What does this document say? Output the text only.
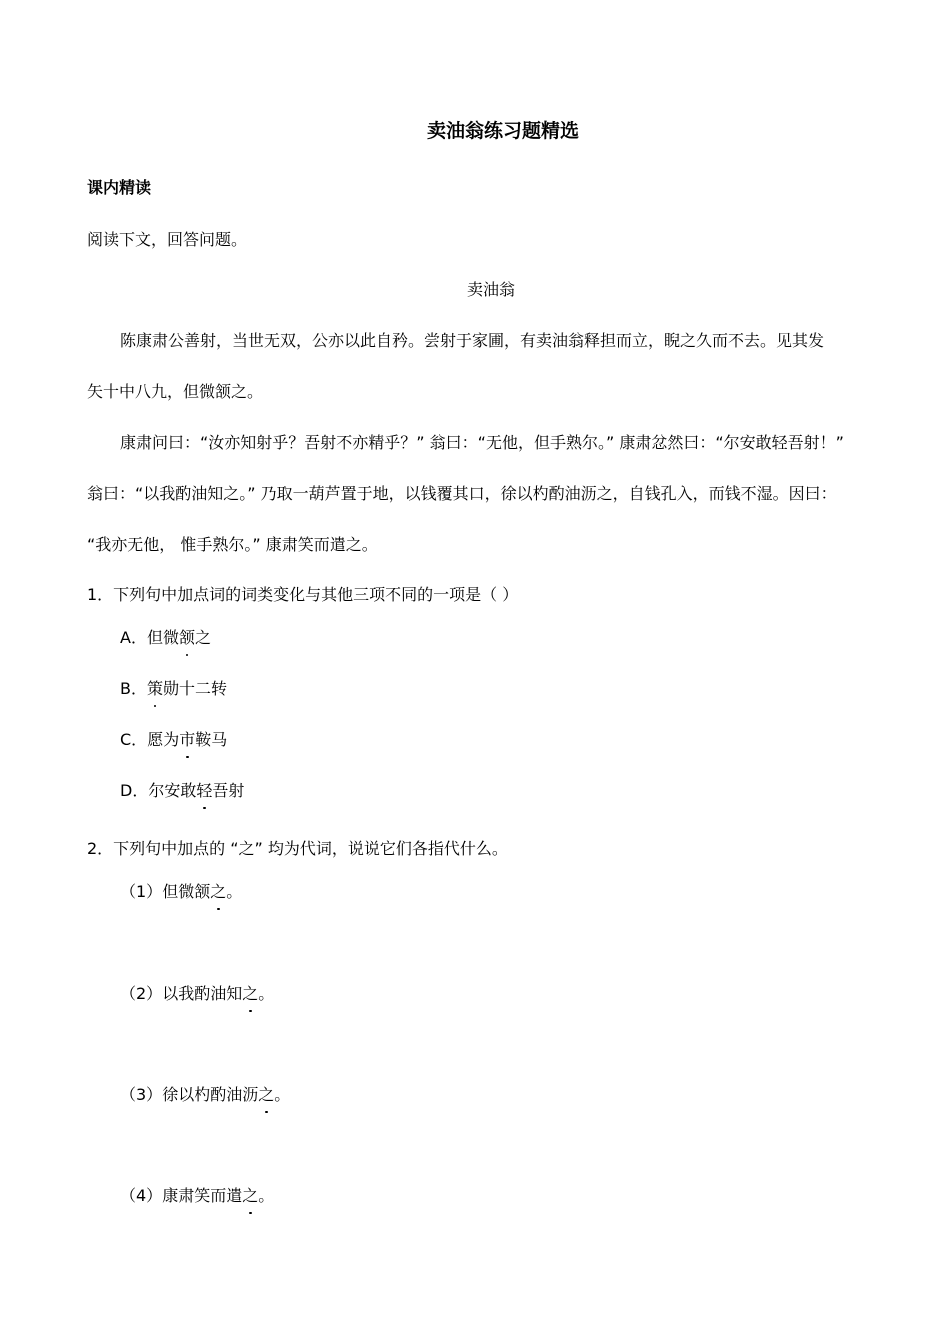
卖油翁练习题精选
课内精读
阅读下文，回答问题。
卖油翁
陈康肃公善射，当世无双，公亦以此自矜。尝射于家圃，有卖油翁释担而立，睨之久而不去。见其发
矢十中八九，但微颔之。
康肃问曰：“汝亦知射乎？吾射不亦精乎？” 翁曰：“无他，但手熟尔。” 康肃忿然曰：“尔安敢轻吾射！”
翁曰：“以我酌油知之。” 乃取一葫芦置于地，以钱覆其口，徐以杓酌油沥之，自钱孔入，而钱不湿。因曰：
“我亦无他， 惟手熟尔。” 康肃笑而遣之。
1．下列句中加点词的词类变化与其他三项不同的一项是（ ）
A．但微颔之
B．策勋十二转
C．愿为市鞍马
D．尔安敢轻吾射
2．下列句中加点的 “之” 均为代词，说说它们各指代什么。
（1）但微颔之。
（2）以我酌油知之。
（3）徐以杓酌油沥之。
（4）康肃笑而遣之。
